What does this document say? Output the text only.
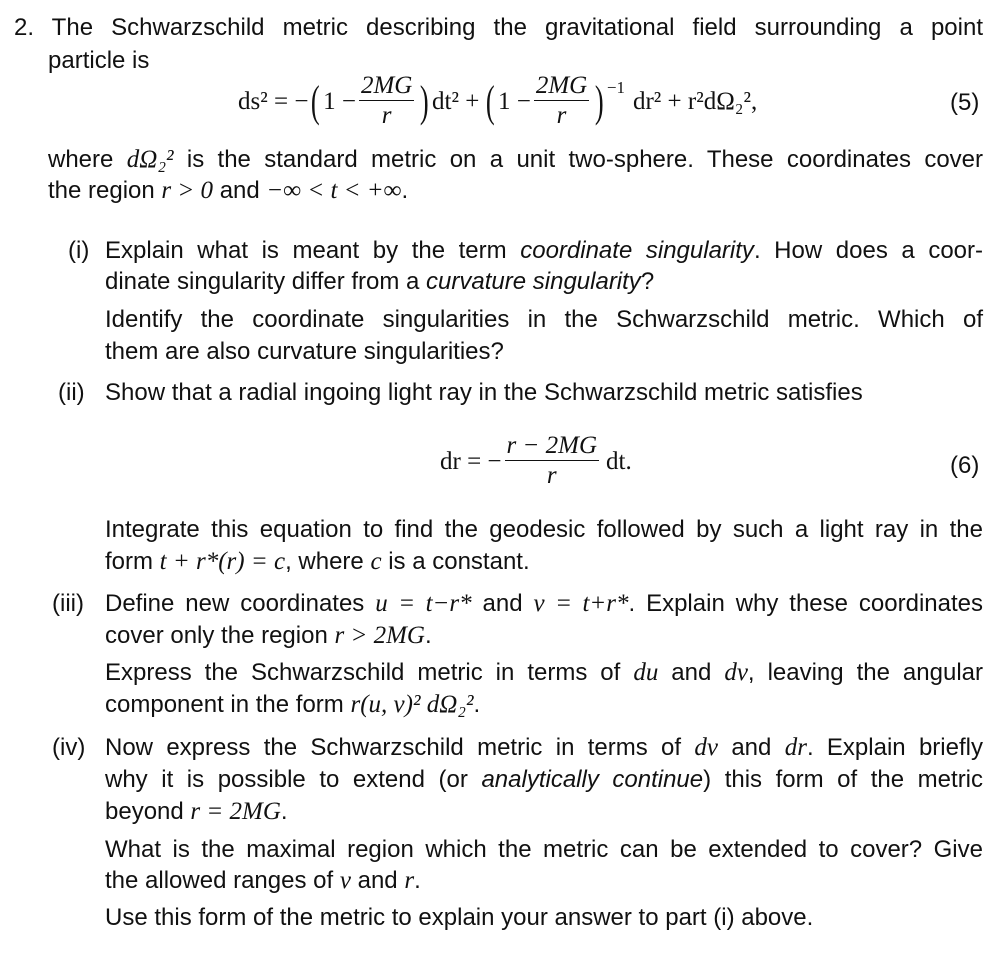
2. The Schwarzschild metric describing the gravitational field surrounding a point
particle is
ds² = − ( $1 - \frac{2MG}{r}$ ) dt² + ( $1 - \frac{2MG}{r}$ ) −1 dr² + r²dΩ₂²,	(5)
where dΩ₂² is the standard metric on a unit two-sphere. These coordinates cover
the region r > 0 and −∞ < t < +∞.
(i) Explain what is meant by the term coordinate singularity. How does a coor-
dinate singularity differ from a curvature singularity?
Identify the coordinate singularities in the Schwarzschild metric. Which of
them are also curvature singularities?
(ii) Show that a radial ingoing light ray in the Schwarzschild metric satisfies
dr = − $\frac{r - 2MG}{r}$ dt.	(6)
Integrate this equation to find the geodesic followed by such a light ray in the
form t + r*(r) = c, where c is a constant.
(iii) Define new coordinates u = t−r* and v = t+r*. Explain why these coordinates
cover only the region r > 2MG.
Express the Schwarzschild metric in terms of du and dv, leaving the angular
component in the form r(u, v)² dΩ₂².
(iv) Now express the Schwarzschild metric in terms of dv and dr. Explain briefly
why it is possible to extend (or analytically continue) this form of the metric
beyond r = 2MG.
What is the maximal region which the metric can be extended to cover? Give
the allowed ranges of v and r.
Use this form of the metric to explain your answer to part (i) above.
